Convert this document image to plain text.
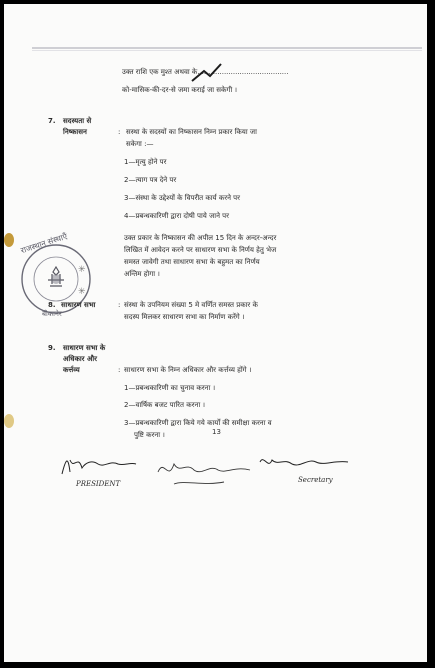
उक्त राशि एक मुश्त अथवा के.........................................
को-मासिक-की-दर-से जमा कराई जा सकेगी ।
7. सदस्यता से
निष्कासन	: सस्था के सदस्यों का निष्कासन निम्न प्रकार किया जा
सकेगा :—
1—मृत्यु होने पर
2—त्याग पत्र देने पर
3—संस्था के उद्देश्यों के विपरीत कार्य करने पर
4—प्रबन्धकारिणी द्वारा दोषी पाये जाने पर
उक्त प्रकार के निष्कासन की अपील 15 दिन के अन्दर-अन्दर
लिखित में आवेदन करने पर साधारण सभा के निर्णय हेतु भेज
समस्त जावेगी तथा साधारण सभा के बहुमत का निर्णय
अन्तिम होगा ।
✳
✳
राजस्थान संस्थाएँ
बीकानेर
8. साधारण सभा	: संस्था के उपनियम संख्या 5 मे वर्णित समस्त प्रकार के
सदस्य मिलकर साधारण सभा का निर्माण करेंगे ।
9. साधारण सभा के
अधिकार और
कर्त्तव्य	: साधारण सभा के निम्न अधिकार और कर्त्तव्य होंगे ।
1—प्रबन्धकारिणी का चुनाव करना ।
2—वार्षिक बजट पारित करना ।
3—प्रबन्धकारिणी द्वारा किये गये कार्यों की समीक्षा करना व
पुष्टि करना ।	13
PRESIDENT	Secretary
